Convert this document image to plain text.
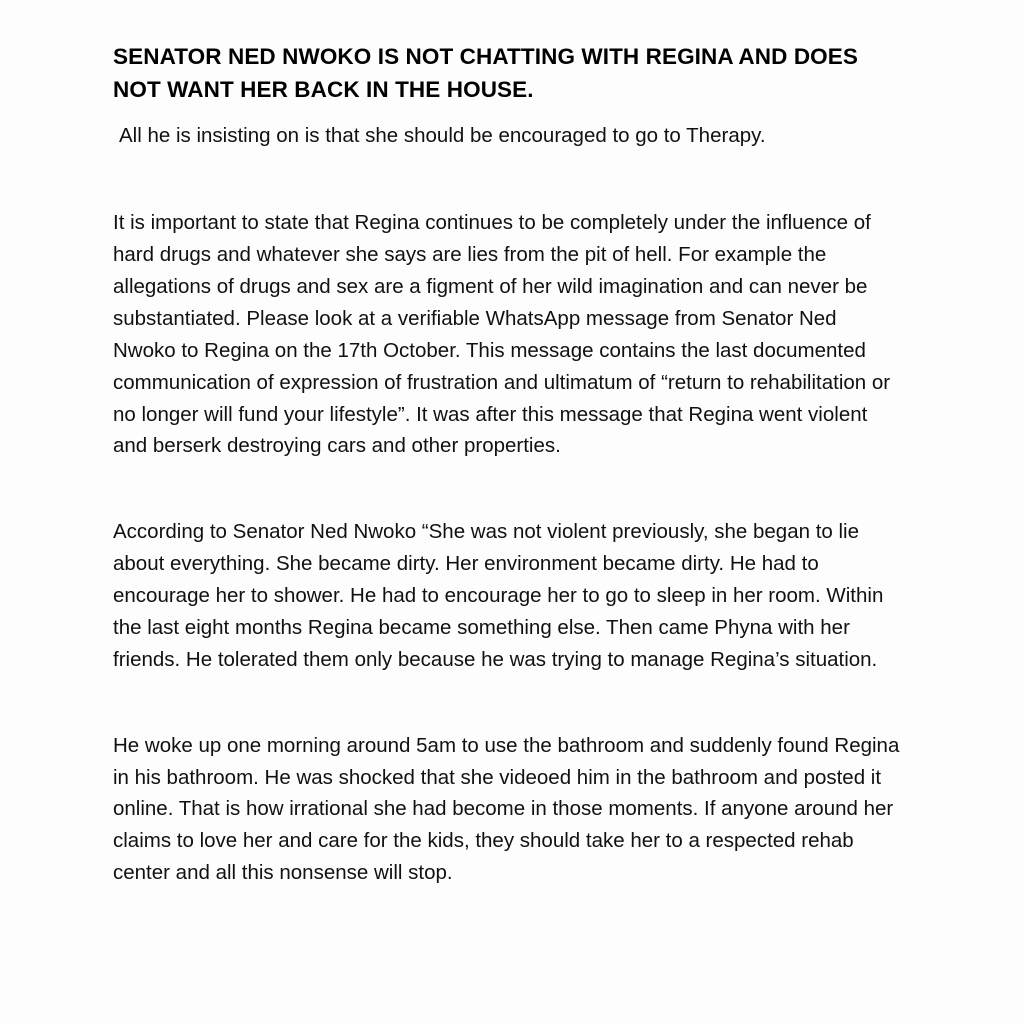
SENATOR NED NWOKO IS NOT CHATTING WITH REGINA AND DOES NOT WANT HER BACK IN THE HOUSE.

All he is insisting on is that she should be encouraged to go to Therapy.

It is important to state that Regina continues to be completely under the influence of hard drugs and whatever she says are lies from the pit of hell. For example the allegations of drugs and sex are a figment of her wild imagination and can never be substantiated. Please look at a verifiable WhatsApp message from Senator Ned Nwoko to Regina on the 17th October. This message contains the last documented communication of expression of frustration and ultimatum of “return to rehabilitation or no longer will fund your lifestyle”. It was after this message that Regina went violent and berserk destroying cars and other properties.

According to Senator Ned Nwoko “She was not violent previously, she began to lie about everything. She became dirty. Her environment became dirty. He had to encourage her to shower. He had to encourage her to go to sleep in her room. Within the last eight months Regina became something else. Then came Phyna with her friends. He tolerated them only because he was trying to manage Regina’s situation.

He woke up one morning around 5am to use the bathroom and suddenly found Regina in his bathroom. He was shocked that she videoed him in the bathroom and posted it online. That is how irrational she had become in those moments. If anyone around her claims to love her and care for the kids, they should take her to a respected rehab center and all this nonsense will stop.
